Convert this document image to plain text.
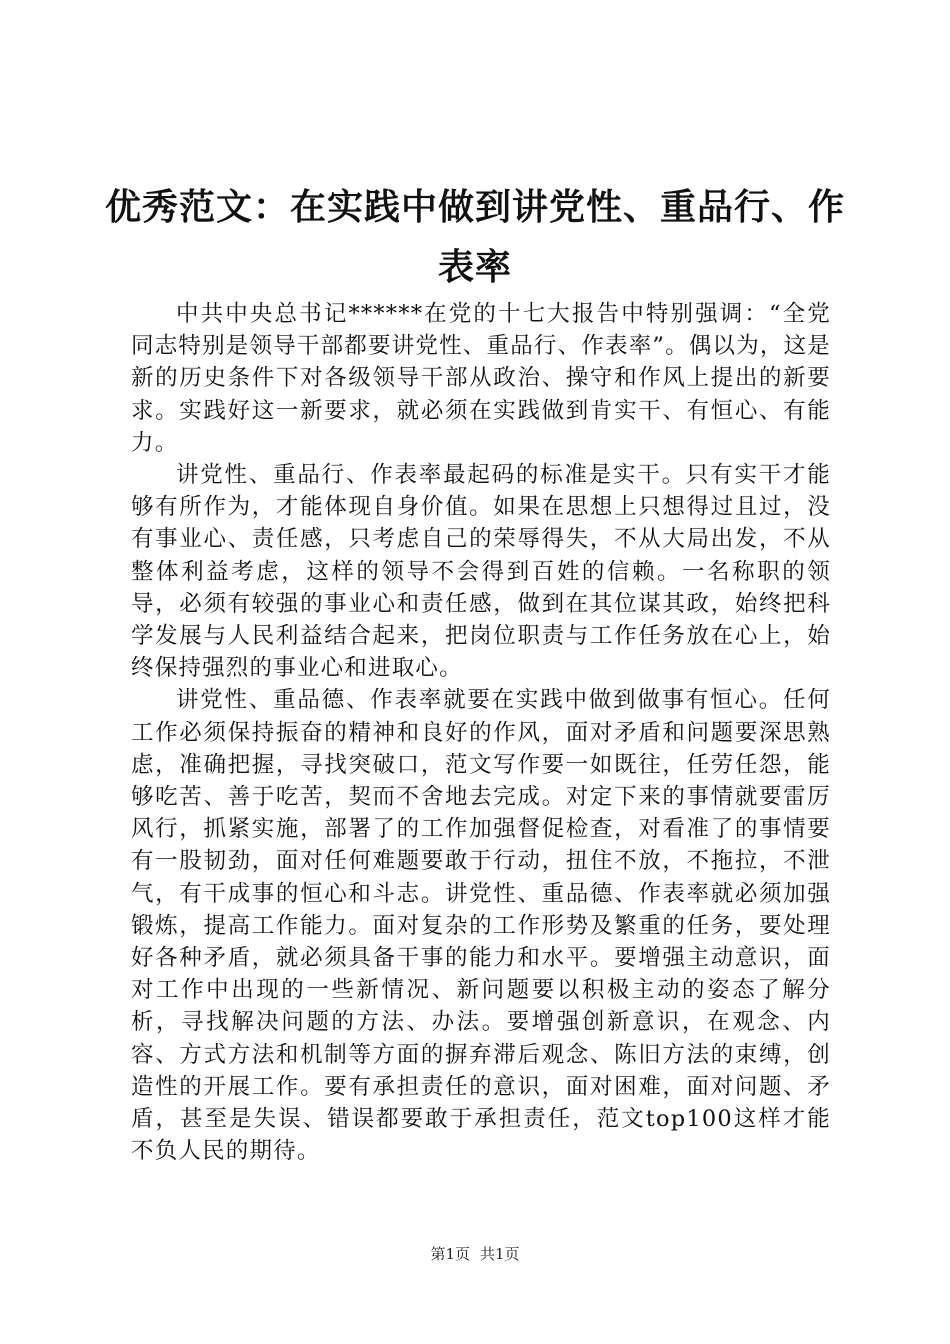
优秀范文：在实践中做到讲党性、重品行、作
表率

中共中央总书记******在党的十七大报告中特别强调：“全党同志特别是领导干部都要讲党性、重品行、作表率”。偶以为，这是新的历史条件下对各级领导干部从政治、操守和作风上提出的新要求。实践好这一新要求，就必须在实践做到肯实干、有恒心、有能力。

讲党性、重品行、作表率最起码的标准是实干。只有实干才能够有所作为，才能体现自身价值。如果在思想上只想得过且过，没有事业心、责任感，只考虑自己的荣辱得失，不从大局出发，不从整体利益考虑，这样的领导不会得到百姓的信赖。一名称职的领导，必须有较强的事业心和责任感，做到在其位谋其政，始终把科学发展与人民利益结合起来，把岗位职责与工作任务放在心上，始终保持强烈的事业心和进取心。

讲党性、重品德、作表率就要在实践中做到做事有恒心。任何工作必须保持振奋的精神和良好的作风，面对矛盾和问题要深思熟虑，准确把握，寻找突破口，范文写作要一如既往，任劳任怨，能够吃苦、善于吃苦，契而不舍地去完成。对定下来的事情就要雷厉风行，抓紧实施，部署了的工作加强督促检查，对看准了的事情要有一股韧劲，面对任何难题要敢于行动，扭住不放，不拖拉，不泄气，有干成事的恒心和斗志。讲党性、重品德、作表率就必须加强锻炼，提高工作能力。面对复杂的工作形势及繁重的任务，要处理好各种矛盾，就必须具备干事的能力和水平。要增强主动意识，面对工作中出现的一些新情况、新问题要以积极主动的姿态了解分析，寻找解决问题的方法、办法。要增强创新意识，在观念、内容、方式方法和机制等方面的摒弃滞后观念、陈旧方法的束缚，创造性的开展工作。要有承担责任的意识，面对困难，面对问题、矛盾，甚至是失误、错误都要敢于承担责任，范文top100这样才能不负人民的期待。

第1页 共1页
